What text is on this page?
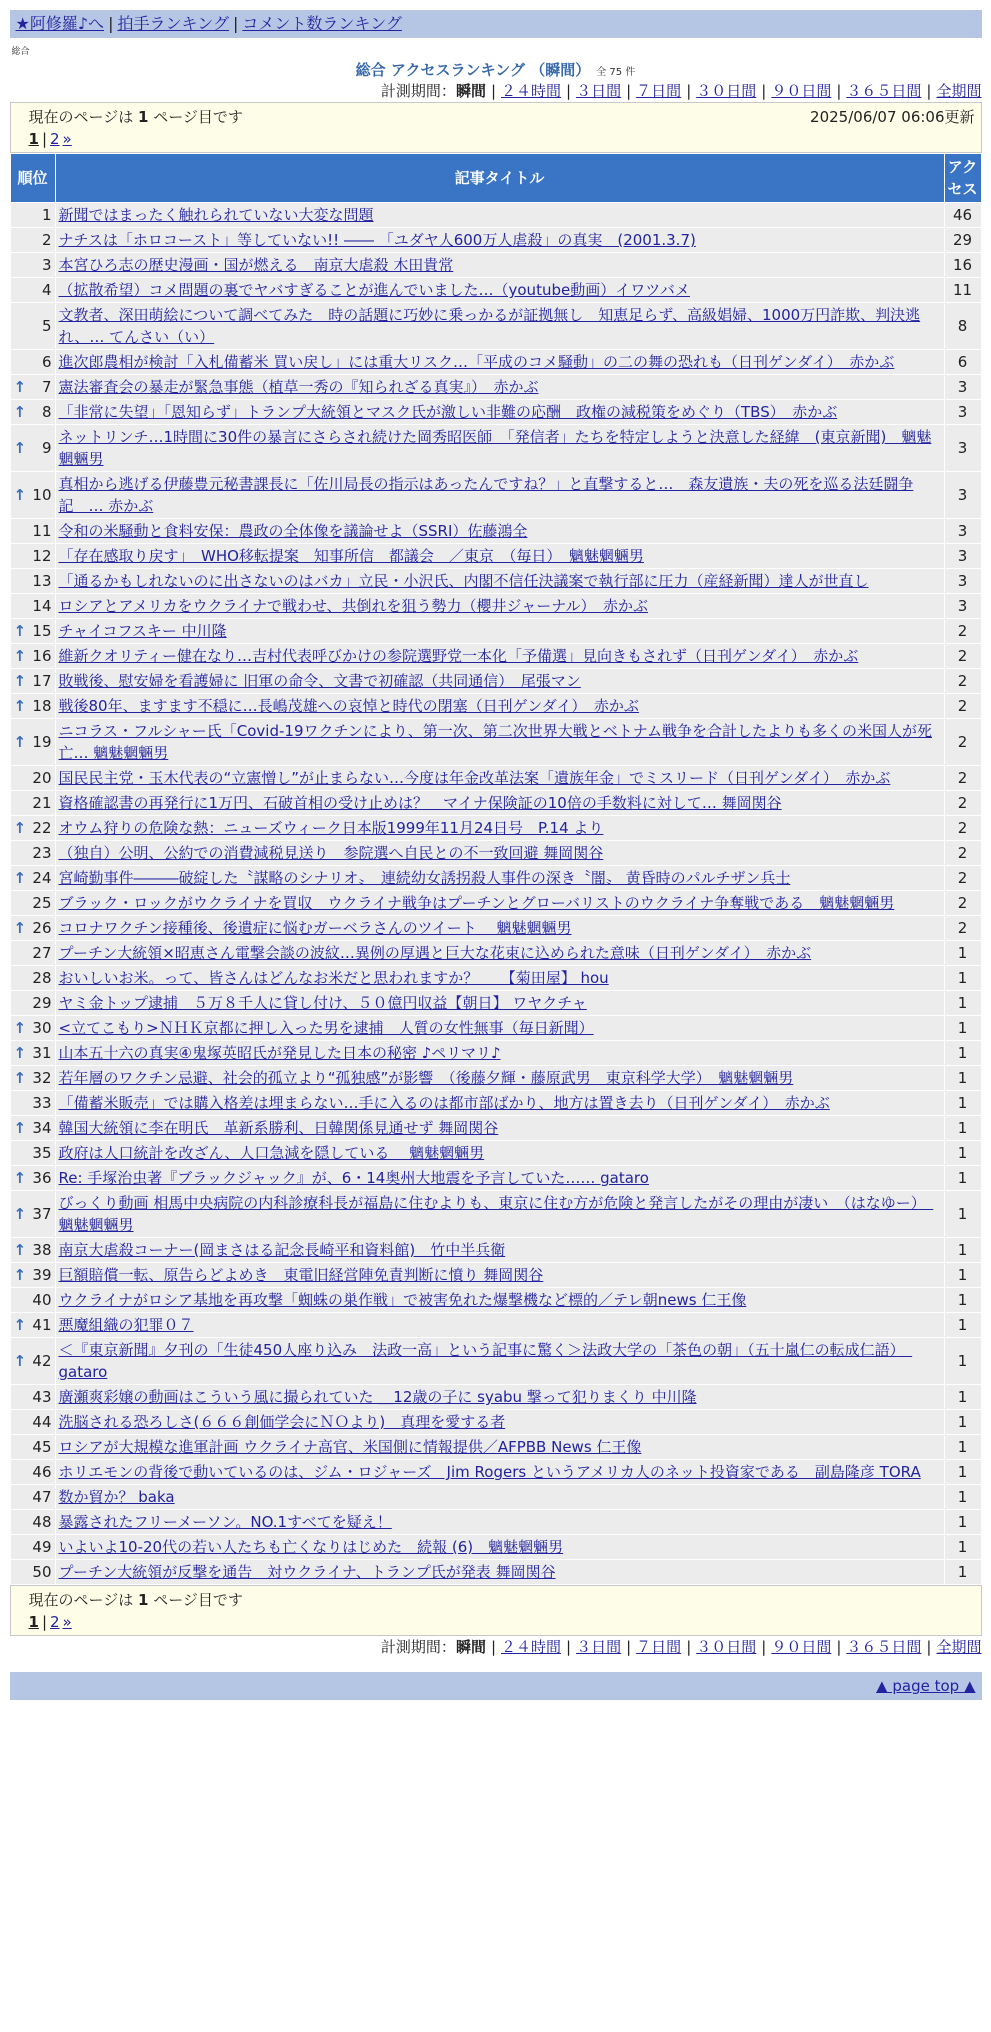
★阿修羅♪へ | 拍手ランキング | コメント数ランキング
総合
総合 アクセスランキング （瞬間） 全 75 件
計測期間：瞬間 | ２４時間 | ３日間 | ７日間 | ３０日間 | ９０日間 | ３６５日間 | 全期間
2025/06/07 06:06更新
現在のページは 1 ページ目です
1 | 2 »
順位	記事タイトル	アクセス
1	新聞ではまったく触れられていない大変な問題	46
2	ナチスは「ホロコースト」等していない!! ―― 「ユダヤ人600万人虐殺」の真実　(2001.3.7)	29
3	本宮ひろ志の歴史漫画・国が燃える　南京大虐殺 木田貴常	16
4	（拡散希望）コメ問題の裏でヤバすぎることが進んでいました…（youtube動画）イワツバメ	11
5	文教者、深田萌絵について調べてみた　時の話題に巧妙に乗っかるが証拠無し　知恵足らず、高級娼婦、1000万円詐欺、判決逃れ、… てんさい（い）	8
6	進次郎農相が検討「入札備蓄米 買い戻し」には重大リスク…「平成のコメ騒動」の二の舞の恐れも（日刊ゲンダイ）　赤かぶ	6

↑ 7	憲法審査会の暴走が緊急事態（植草一秀の『知られざる真実』）　赤かぶ	3

↑ 8	「非常に失望」「恩知らず」トランプ大統領とマスク氏が激しい非難の応酬　政権の減税策をめぐり（TBS）　赤かぶ	3

↑ 9	ネットリンチ…1時間に30件の暴言にさらされ続けた岡秀昭医師　「発信者」たちを特定しようと決意した経緯　(東京新聞)　魑魅魍魎男	3

↑ 10	真相から逃げる伊藤豊元秘書課長に「佐川局長の指示はあったんですね？」と直撃すると…　森友遺族・夫の死を巡る法廷闘争記　… 赤かぶ	3
11	令和の米騒動と食料安保：農政の全体像を議論せよ（SSRI）佐藤鴻全	3
12	「存在感取り戻す」　WHO移転提案　知事所信　都議会　／東京　（毎日）　魑魅魍魎男	3
13	「通るかもしれないのに出さないのはバカ」立民・小沢氏、内閣不信任決議案で執行部に圧力（産経新聞）達人が世直し	3
14	ロシアとアメリカをウクライナで戦わせ、共倒れを狙う勢力（櫻井ジャーナル）　赤かぶ	3

↑ 15	チャイコフスキー 中川隆	2

↑ 16	維新クオリティー健在なり…吉村代表呼びかけの参院選野党一本化「予備選」見向きもされず（日刊ゲンダイ）　赤かぶ	2

↑ 17	敗戦後、慰安婦を看護婦に 旧軍の命令、文書で初確認（共同通信）　尾張マン	2

↑ 18	戦後80年、ますます不穏に…長嶋茂雄への哀悼と時代の閉塞（日刊ゲンダイ）　赤かぶ	2

↑ 19	ニコラス・フルシャー氏「Covid-19ワクチンにより、第一次、第二次世界大戦とベトナム戦争を合計したよりも多くの米国人が死亡… 魑魅魍魎男	2
20	国民民主党・玉木代表の“立憲憎し”が止まらない…今度は年金改革法案「遺族年金」でミスリード（日刊ゲンダイ）　赤かぶ	2
21	資格確認書の再発行に1万円、石破首相の受け止めは？　マイナ保険証の10倍の手数料に対して… 舞岡関谷	2

↑ 22	オウム狩りの危険な熱：ニューズウィーク日本版1999年11月24日号　P.14 より	2
23	（独自）公明、公約での消費減税見送り　参院選へ自民との不一致回避 舞岡関谷	2

↑ 24	宮崎勤事件―――破綻した〝謀略のシナリオ〟　連続幼女誘拐殺人事件の深き〝闇〟 黄昏時のパルチザン兵士	2
25	ブラック・ロックがウクライナを買収　ウクライナ戦争はプーチンとグローバリストのウクライナ争奪戦である　魑魅魍魎男	2

↑ 26	コロナワクチン接種後、後遺症に悩むガーベラさんのツイート　 魑魅魍魎男	2
27	プーチン大統領×昭恵さん電撃会談の波紋…異例の厚遇と巨大な花束に込められた意味（日刊ゲンダイ）　赤かぶ	1
28	おいしいお米。って、皆さんはどんなお米だと思われますか？　　【菊田屋】 hou	1
29	ヤミ金トップ逮捕　５万８千人に貸し付け、５０億円収益【朝日】 ワヤクチャ	1

↑ 30	<立てこもり>ＮＨＫ京都に押し入った男を逮捕　人質の女性無事（毎日新聞）	1

↑ 31	山本五十六の真実④鬼塚英昭氏が発見した日本の秘密 ♪ペリマリ♪	1

↑ 32	若年層のワクチン忌避、社会的孤立より“孤独感”が影響　（後藤夕輝・藤原武男　東京科学大学）　魑魅魍魎男	1
33	「備蓄米販売」では購入格差は埋まらない…手に入るのは都市部ばかり、地方は置き去り（日刊ゲンダイ）　赤かぶ	1

↑ 34	韓国大統領に李在明氏　革新系勝利、日韓関係見通せず 舞岡関谷	1
35	政府は人口統計を改ざん、人口急減を隠している　 魑魅魍魎男	1

↑ 36	Re: 手塚治虫著『ブラックジャック』が、6・14奥州大地震を予言していた…… gataro	1

↑ 37	びっくり動画 相馬中央病院の内科診療科長が福島に住むよりも、東京に住む方が危険と発言したがその理由が凄い　（はなゆー）　魑魅魍魎男	1

↑ 38	南京大虐殺コーナー(岡まさはる記念長崎平和資料館)　竹中半兵衛	1

↑ 39	巨額賠償一転、原告らどよめき　東電旧経営陣免責判断に憤り 舞岡関谷	1
40	ウクライナがロシア基地を再攻撃「蜘蛛の巣作戦」で被害免れた爆撃機など標的／テレ朝news 仁王像	1

↑ 41	悪魔組織の犯罪０７	1

↑ 42	＜『東京新聞』夕刊の「生徒450人座り込み　法政一高」という記事に驚く＞法政大学の「茶色の朝」（五十嵐仁の転成仁語）　gataro	1
43	廣瀬爽彩嬢の動画はこういう風に撮られていた ＿12歳の子に syabu 撃って犯りまくり 中川隆	1
44	洗脳される恐ろしさ(６６６創価学会にＮＯより)　真理を愛する者	1
45	ロシアが大規模な進軍計画 ウクライナ高官、米国側に情報提供／AFPBB News 仁王像	1
46	ホリエモンの背後で動いているのは、ジム・ロジャーズ　Jim Rogers というアメリカ人のネット投資家である　副島隆彦 TORA	1
47	数か貿か？ baka	1
48	暴露されたフリーメーソン。NO.1すべてを疑え！	1
49	いよいよ10-20代の若い人たちも亡くなりはじめた　続報 (6)　魑魅魍魎男	1
50	プーチン大統領が反撃を通告　対ウクライナ、トランプ氏が発表 舞岡関谷	1
現在のページは 1 ページ目です
1 | 2 »
計測期間：瞬間 | ２４時間 | ３日間 | ７日間 | ３０日間 | ９０日間 | ３６５日間 | 全期間
▲ page top ▲
